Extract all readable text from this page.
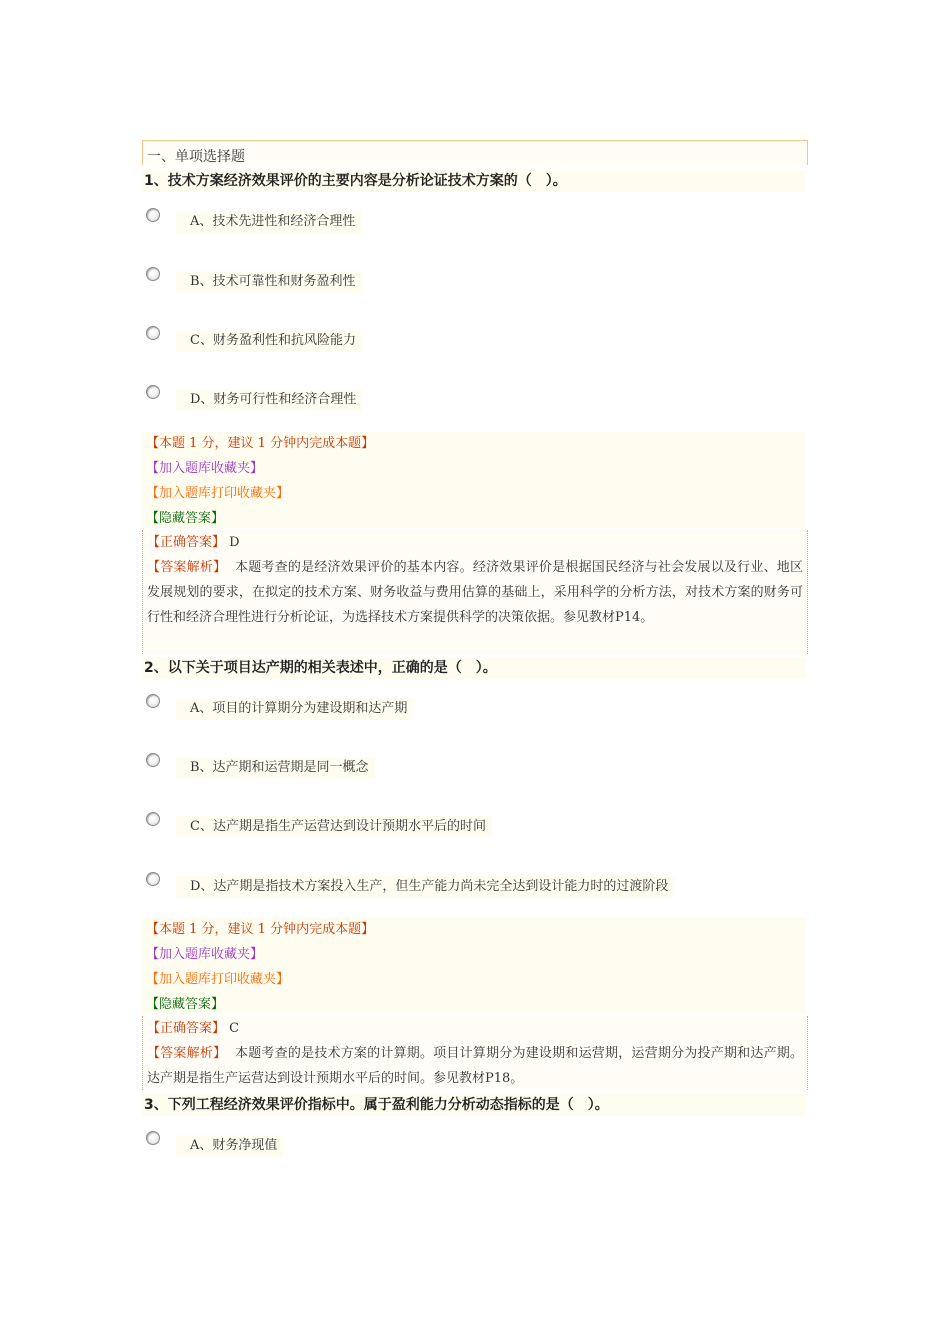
一、单项选择题
1、技术方案经济效果评价的主要内容是分析论证技术方案的（　）。
A、技术先进性和经济合理性
B、技术可靠性和财务盈利性
C、财务盈利性和抗风险能力
D、财务可行性和经济合理性
【本题 1 分，建议 1 分钟内完成本题】
【加入题库收藏夹】
【加入题库打印收藏夹】
【隐藏答案】
【正确答案】 D
【答案解析】 本题考查的是经济效果评价的基本内容。经济效果评价是根据国民经济与社会发展以及行业、地区发展规划的要求，在拟定的技术方案、财务收益与费用估算的基础上，采用科学的分析方法，对技术方案的财务可行性和经济合理性进行分析论证，为选择技术方案提供科学的决策依据。参见教材P14。
2、以下关于项目达产期的相关表述中，正确的是（　）。
A、项目的计算期分为建设期和达产期
B、达产期和运营期是同一概念
C、达产期是指生产运营达到设计预期水平后的时间
D、达产期是指技术方案投入生产，但生产能力尚未完全达到设计能力时的过渡阶段
【本题 1 分，建议 1 分钟内完成本题】
【加入题库收藏夹】
【加入题库打印收藏夹】
【隐藏答案】
【正确答案】 C
【答案解析】 本题考查的是技术方案的计算期。项目计算期分为建设期和运营期，运营期分为投产期和达产期。达产期是指生产运营达到设计预期水平后的时间。参见教材P18。
3、下列工程经济效果评价指标中。属于盈利能力分析动态指标的是（　）。
A、财务净现值
